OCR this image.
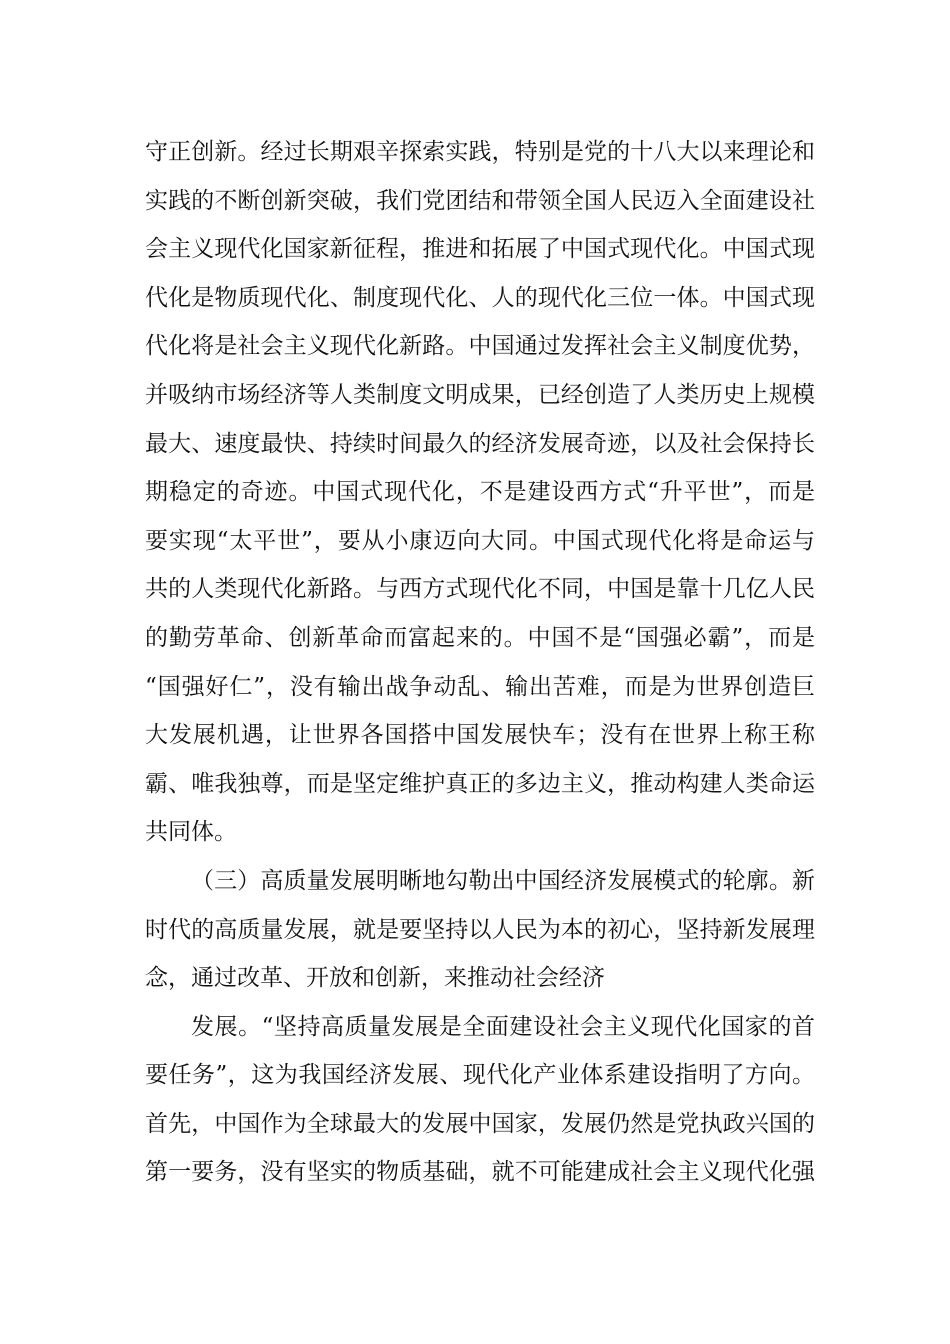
守正创新。经过长期艰辛探索实践，特别是党的十八大以来理论和
实践的不断创新突破，我们党团结和带领全国人民迈入全面建设社
会主义现代化国家新征程，推进和拓展了中国式现代化。中国式现
代化是物质现代化、制度现代化、人的现代化三位一体。中国式现
代化将是社会主义现代化新路。中国通过发挥社会主义制度优势，
并吸纳市场经济等人类制度文明成果，已经创造了人类历史上规模
最大、速度最快、持续时间最久的经济发展奇迹，以及社会保持长
期稳定的奇迹。中国式现代化，不是建设西方式“升平世”，而是
要实现“太平世”，要从小康迈向大同。中国式现代化将是命运与
共的人类现代化新路。与西方式现代化不同，中国是靠十几亿人民
的勤劳革命、创新革命而富起来的。中国不是“国强必霸”，而是
“国强好仁”，没有输出战争动乱、输出苦难，而是为世界创造巨
大发展机遇，让世界各国搭中国发展快车；没有在世界上称王称
霸、唯我独尊，而是坚定维护真正的多边主义，推动构建人类命运
共同体。
（三）高质量发展明晰地勾勒出中国经济发展模式的轮廓。新
时代的高质量发展，就是要坚持以人民为本的初心，坚持新发展理
念，通过改革、开放和创新，来推动社会经济
发展。“坚持高质量发展是全面建设社会主义现代化国家的首
要任务”，这为我国经济发展、现代化产业体系建设指明了方向。
首先，中国作为全球最大的发展中国家，发展仍然是党执政兴国的
第一要务，没有坚实的物质基础，就不可能建成社会主义现代化强
